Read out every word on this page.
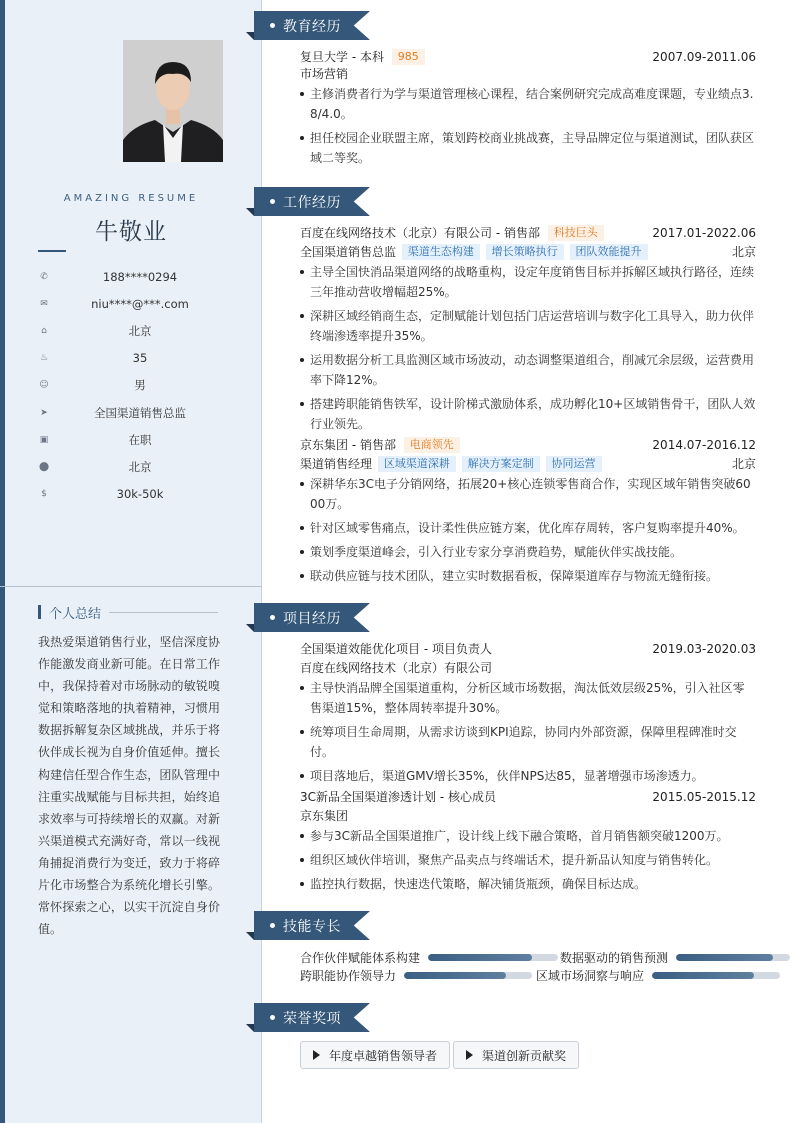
AMAZING RESUME
牛敬业
✆	188****0294
✉	niu****@***.com
⌂	北京
♨	35
☺	男
➤	全国渠道销售总监
▣	在职
⬤	北京
$	30k-50k
个人总结
我热爱渠道销售行业，坚信深度协作能激发商业新可能。在日常工作中，我保持着对市场脉动的敏锐嗅觉和策略落地的执着精神，习惯用数据拆解复杂区域挑战，并乐于将伙伴成长视为自身价值延伸。擅长构建信任型合作生态，团队管理中注重实战赋能与目标共担，始终追求效率与可持续增长的双赢。对新兴渠道模式充满好奇，常以一线视角捕捉消费行为变迁，致力于将碎片化市场整合为系统化增长引擎。常怀探索之心，以实干沉淀自身价值。
教育经历
复旦大学 - 本科 985	2007.09-2011.06
市场营销
主修消费者行为学与渠道管理核心课程，结合案例研究完成高难度课题，专业绩点3.8/4.0。
担任校园企业联盟主席，策划跨校商业挑战赛，主导品牌定位与渠道测试，团队获区域二等奖。
工作经历
百度在线网络技术（北京）有限公司 - 销售部 科技巨头	2017.01-2022.06
全国渠道销售总监 渠道生态构建 增长策略执行 团队效能提升	北京
主导全国快消品渠道网络的战略重构，设定年度销售目标并拆解区域执行路径，连续三年推动营收增幅超25%。
深耕区域经销商生态，定制赋能计划包括门店运营培训与数字化工具导入，助力伙伴终端渗透率提升35%。
运用数据分析工具监测区域市场波动，动态调整渠道组合，削减冗余层级，运营费用率下降12%。
搭建跨职能销售铁军，设计阶梯式激励体系，成功孵化10+区域销售骨干，团队人效行业领先。
京东集团 - 销售部 电商领先	2014.07-2016.12
渠道销售经理 区域渠道深耕 解决方案定制 协同运营	北京
深耕华东3C电子分销网络，拓展20+核心连锁零售商合作，实现区域年销售突破6000万。
针对区域零售痛点，设计柔性供应链方案，优化库存周转，客户复购率提升40%。
策划季度渠道峰会，引入行业专家分享消费趋势，赋能伙伴实战技能。
联动供应链与技术团队，建立实时数据看板，保障渠道库存与物流无缝衔接。
项目经历
全国渠道效能优化项目 - 项目负责人	2019.03-2020.03
百度在线网络技术（北京）有限公司
主导快消品牌全国渠道重构，分析区域市场数据，淘汰低效层级25%，引入社区零售渠道15%，整体周转率提升30%。
统筹项目生命周期，从需求访谈到KPI追踪，协同内外部资源，保障里程碑准时交付。
项目落地后，渠道GMV增长35%，伙伴NPS达85，显著增强市场渗透力。
3C新品全国渠道渗透计划 - 核心成员	2015.05-2015.12
京东集团
参与3C新品全国渠道推广，设计线上线下融合策略，首月销售额突破1200万。
组织区域伙伴培训，聚焦产品卖点与终端话术，提升新品认知度与销售转化。
监控执行数据，快速迭代策略，解决铺货瓶颈，确保目标达成。
技能专长
合作伙伴赋能体系构建	数据驱动的销售预测
跨职能协作领导力	区域市场洞察与响应
荣誉奖项
年度卓越销售领导者	渠道创新贡献奖
